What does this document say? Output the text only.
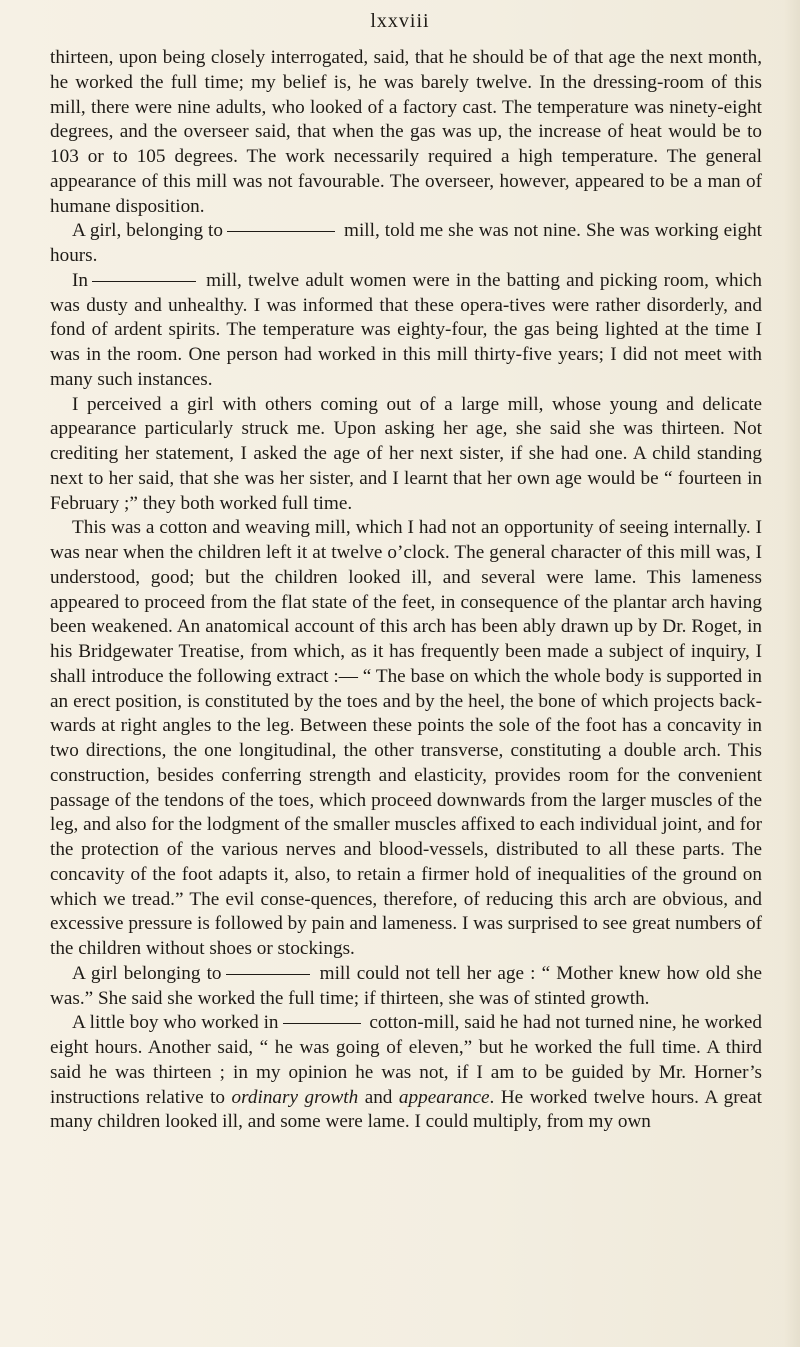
lxxviii

thirteen, upon being closely interrogated, said, that he should be of that age the next month, he worked the full time; my belief is, he was barely twelve. In the dressing-room of this mill, there were nine adults, who looked of a factory cast. The temperature was ninety-eight degrees, and the overseer said, that when the gas was up, the increase of heat would be to 103 or to 105 degrees. The work necessarily required a high temperature. The general appearance of this mill was not favourable. The overseer, however, appeared to be a man of humane disposition.

A girl, belonging to	mill, told me she was not nine. She was working eight hours.

In	mill, twelve adult women were in the batting and picking room, which was dusty and unhealthy. I was informed that these opera-tives were rather disorderly, and fond of ardent spirits. The temperature was eighty-four, the gas being lighted at the time I was in the room. One person had worked in this mill thirty-five years; I did not meet with many such instances.

I perceived a girl with others coming out of a large mill, whose young and delicate appearance particularly struck me. Upon asking her age, she said she was thirteen. Not crediting her statement, I asked the age of her next sister, if she had one. A child standing next to her said, that she was her sister, and I learnt that her own age would be “ fourteen in February ;” they both worked full time.

This was a cotton and weaving mill, which I had not an opportunity of seeing internally. I was near when the children left it at twelve o’clock. The general character of this mill was, I understood, good; but the children looked ill, and several were lame. This lameness appeared to proceed from the flat state of the feet, in consequence of the plantar arch having been weakened. An anatomical account of this arch has been ably drawn up by Dr. Roget, in his Bridgewater Treatise, from which, as it has frequently been made a subject of inquiry, I shall introduce the following extract :— “ The base on which the whole body is supported in an erect position, is constituted by the toes and by the heel, the bone of which projects back-wards at right angles to the leg. Between these points the sole of the foot has a concavity in two directions, the one longitudinal, the other transverse, constituting a double arch. This construction, besides conferring strength and elasticity, provides room for the convenient passage of the tendons of the toes, which proceed downwards from the larger muscles of the leg, and also for the lodgment of the smaller muscles affixed to each individual joint, and for the protection of the various nerves and blood-vessels, distributed to all these parts. The concavity of the foot adapts it, also, to retain a firmer hold of inequalities of the ground on which we tread.” The evil conse-quences, therefore, of reducing this arch are obvious, and excessive pressure is followed by pain and lameness. I was surprised to see great numbers of the children without shoes or stockings.

A girl belonging to	mill could not tell her age : “ Mother knew how old she was.” She said she worked the full time; if thirteen, she was of stinted growth.

A little boy who worked in	cotton-mill, said he had not turned nine, he worked eight hours. Another said, “ he was going of eleven,” but he worked the full time. A third said he was thirteen ; in my opinion he was not, if I am to be guided by Mr. Horner’s instructions relative to ordinary growth and appearance. He worked twelve hours. A great many children looked ill, and some were lame. I could multiply, from my own
